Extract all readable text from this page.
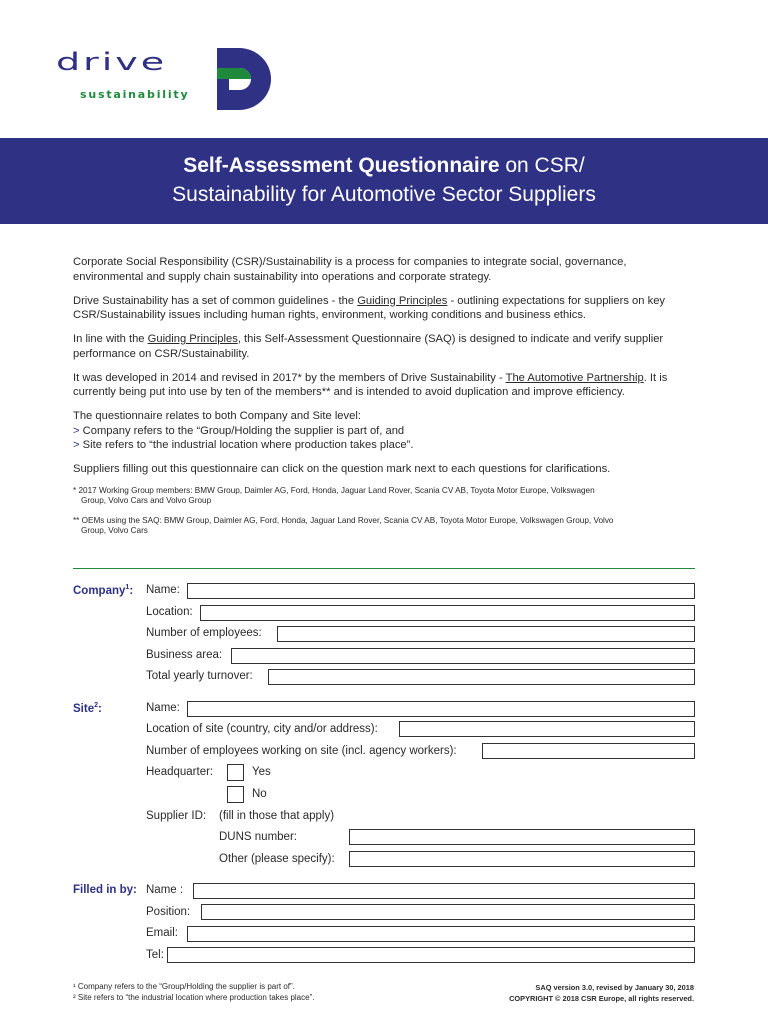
drive
sustainability
Self-Assessment Questionnaire on CSR/
Sustainability for Automotive Sector Suppliers

Corporate Social Responsibility (CSR)/Sustainability is a process for companies to integrate social, governance, environmental and supply chain sustainability into operations and corporate strategy.

Drive Sustainability has a set of common guidelines - the Guiding Principles - outlining expectations for suppliers on key CSR/Sustainability issues including human rights, environment, working conditions and business ethics.

In line with the Guiding Principles, this Self-Assessment Questionnaire (SAQ) is designed to indicate and verify supplier performance on CSR/Sustainability.

It was developed in 2014 and revised in 2017* by the members of Drive Sustainability - The Automotive Partnership. It is currently being put into use by ten of the members** and is intended to avoid duplication and improve efficiency.

The questionnaire relates to both Company and Site level:
> Company refers to the “Group/Holding the supplier is part of, and
> Site refers to “the industrial location where production takes place”.

Suppliers filling out this questionnaire can click on the question mark next to each questions for clarifications.

* 2017 Working Group members: BMW Group, Daimler AG, Ford, Honda, Jaguar Land Rover, Scania CV AB, Toyota Motor Europe, Volkswagen
Group, Volvo Cars and Volvo Group

** OEMs using the SAQ: BMW Group, Daimler AG, Ford, Honda, Jaguar Land Rover, Scania CV AB, Toyota Motor Europe, Volkswagen Group, Volvo
Group, Volvo Cars

Company$^1$: Name:
Location:
Number of employees:
Business area:
Total yearly turnover:
Site$^2$:	Name:
Location of site (country, city and/or address):
Number of employees working on site (incl. agency workers):
Headquarter:	Yes
No
Supplier ID: (fill in those that apply)
DUNS number:
Other (please specify):
Filled in by: Name :
Position:
Email:
Tel:
¹ Company refers to the “Group/Holding the supplier is part of”.
² Site refers to “the industrial location where production takes place”.
SAQ version 3.0, revised by January 30, 2018
COPYRIGHT © 2018 CSR Europe, all rights reserved.
